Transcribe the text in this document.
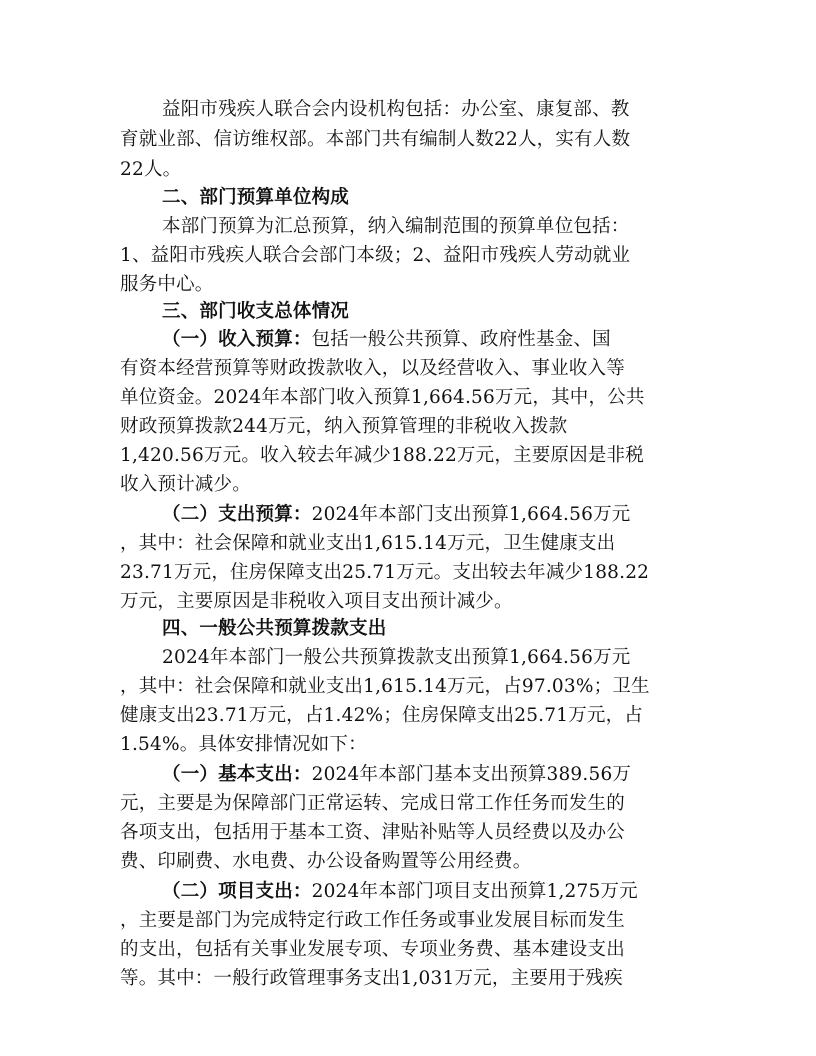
益阳市残疾人联合会内设机构包括：办公室、康复部、教
育就业部、信访维权部。本部门共有编制人数22人，实有人数
22人。
二、部门预算单位构成
本部门预算为汇总预算，纳入编制范围的预算单位包括：
1、益阳市残疾人联合会部门本级；2、益阳市残疾人劳动就业
服务中心。
三、部门收支总体情况
（一）收入预算：包括一般公共预算、政府性基金、国
有资本经营预算等财政拨款收入，以及经营收入、事业收入等
单位资金。2024年本部门收入预算1,664.56万元，其中，公共
财政预算拨款244万元，纳入预算管理的非税收入拨款
1,420.56万元。收入较去年减少188.22万元，主要原因是非税
收入预计减少。
（二）支出预算：2024年本部门支出预算1,664.56万元
，其中：社会保障和就业支出1,615.14万元，卫生健康支出
23.71万元，住房保障支出25.71万元。支出较去年减少188.22
万元，主要原因是非税收入项目支出预计减少。
四、一般公共预算拨款支出
2024年本部门一般公共预算拨款支出预算1,664.56万元
，其中：社会保障和就业支出1,615.14万元，占97.03%；卫生
健康支出23.71万元，占1.42%；住房保障支出25.71万元，占
1.54%。具体安排情况如下：
（一）基本支出：2024年本部门基本支出预算389.56万
元，主要是为保障部门正常运转、完成日常工作任务而发生的
各项支出，包括用于基本工资、津贴补贴等人员经费以及办公
费、印刷费、水电费、办公设备购置等公用经费。
（二）项目支出：2024年本部门项目支出预算1,275万元
，主要是部门为完成特定行政工作任务或事业发展目标而发生
的支出，包括有关事业发展专项、专项业务费、基本建设支出
等。其中：一般行政管理事务支出1,031万元，主要用于残疾
